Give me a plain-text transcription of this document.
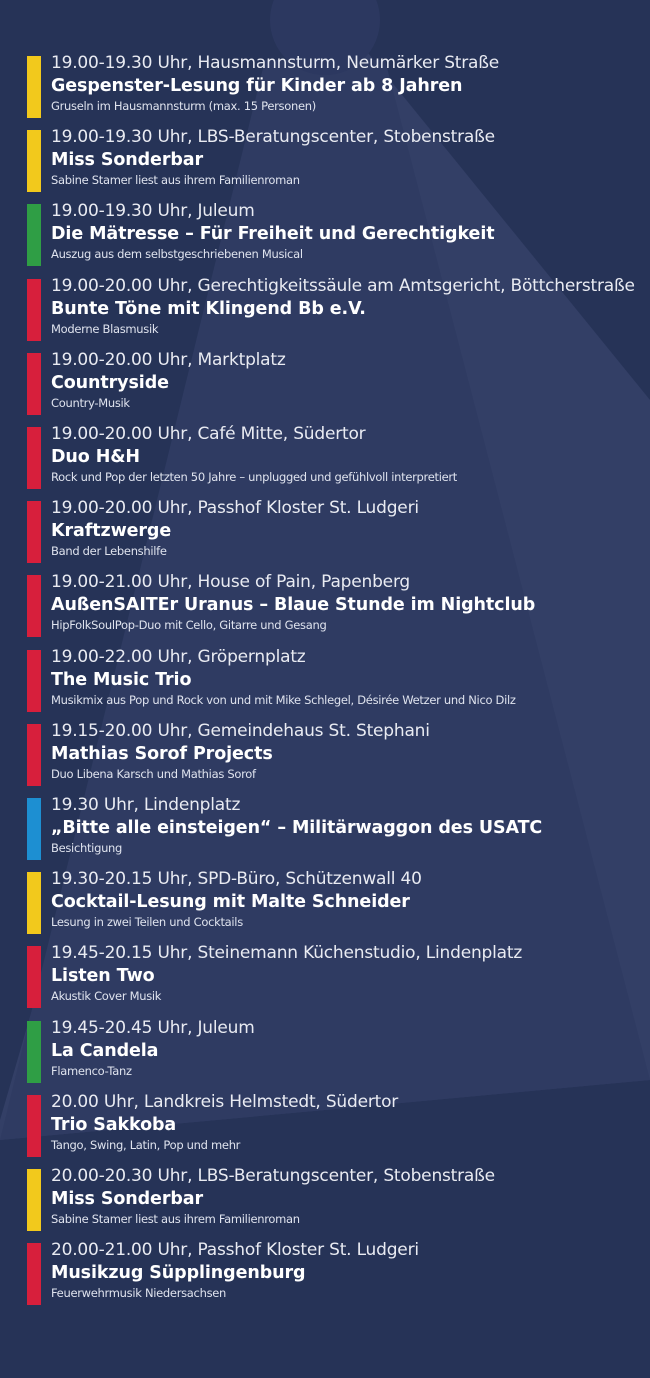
19.00-19.30 Uhr, Hausmannsturm, Neumärker Straße
Gespenster-Lesung für Kinder ab 8 Jahren
Gruseln im Hausmannsturm (max. 15 Personen)
19.00-19.30 Uhr, LBS-Beratungscenter, Stobenstraße
Miss Sonderbar
Sabine Stamer liest aus ihrem Familienroman
19.00-19.30 Uhr, Juleum
Die Mätresse – Für Freiheit und Gerechtigkeit
Auszug aus dem selbstgeschriebenen Musical
19.00-20.00 Uhr, Gerechtigkeitssäule am Amtsgericht, Böttcherstraße
Bunte Töne mit Klingend Bb e.V.
Moderne Blasmusik
19.00-20.00 Uhr, Marktplatz
Countryside
Country-Musik
19.00-20.00 Uhr, Café Mitte, Südertor
Duo H&H
Rock und Pop der letzten 50 Jahre – unplugged und gefühlvoll interpretiert
19.00-20.00 Uhr, Passhof Kloster St. Ludgeri
Kraftzwerge
Band der Lebenshilfe
19.00-21.00 Uhr, House of Pain, Papenberg
AußenSAITEr Uranus – Blaue Stunde im Nightclub
HipFolkSoulPop-Duo mit Cello, Gitarre und Gesang
19.00-22.00 Uhr, Gröpernplatz
The Music Trio
Musikmix aus Pop und Rock von und mit Mike Schlegel, Désirée Wetzer und Nico Dilz
19.15-20.00 Uhr, Gemeindehaus St. Stephani
Mathias Sorof Projects
Duo Libena Karsch und Mathias Sorof
19.30 Uhr, Lindenplatz
„Bitte alle einsteigen“ – Militärwaggon des USATC
Besichtigung
19.30-20.15 Uhr, SPD-Büro, Schützenwall 40
Cocktail-Lesung mit Malte Schneider
Lesung in zwei Teilen und Cocktails
19.45-20.15 Uhr, Steinemann Küchenstudio, Lindenplatz
Listen Two
Akustik Cover Musik
19.45-20.45 Uhr, Juleum
La Candela
Flamenco-Tanz
20.00 Uhr, Landkreis Helmstedt, Südertor
Trio Sakkoba
Tango, Swing, Latin, Pop und mehr
20.00-20.30 Uhr, LBS-Beratungscenter, Stobenstraße
Miss Sonderbar
Sabine Stamer liest aus ihrem Familienroman
20.00-21.00 Uhr, Passhof Kloster St. Ludgeri
Musikzug Süpplingenburg
Feuerwehrmusik Niedersachsen
